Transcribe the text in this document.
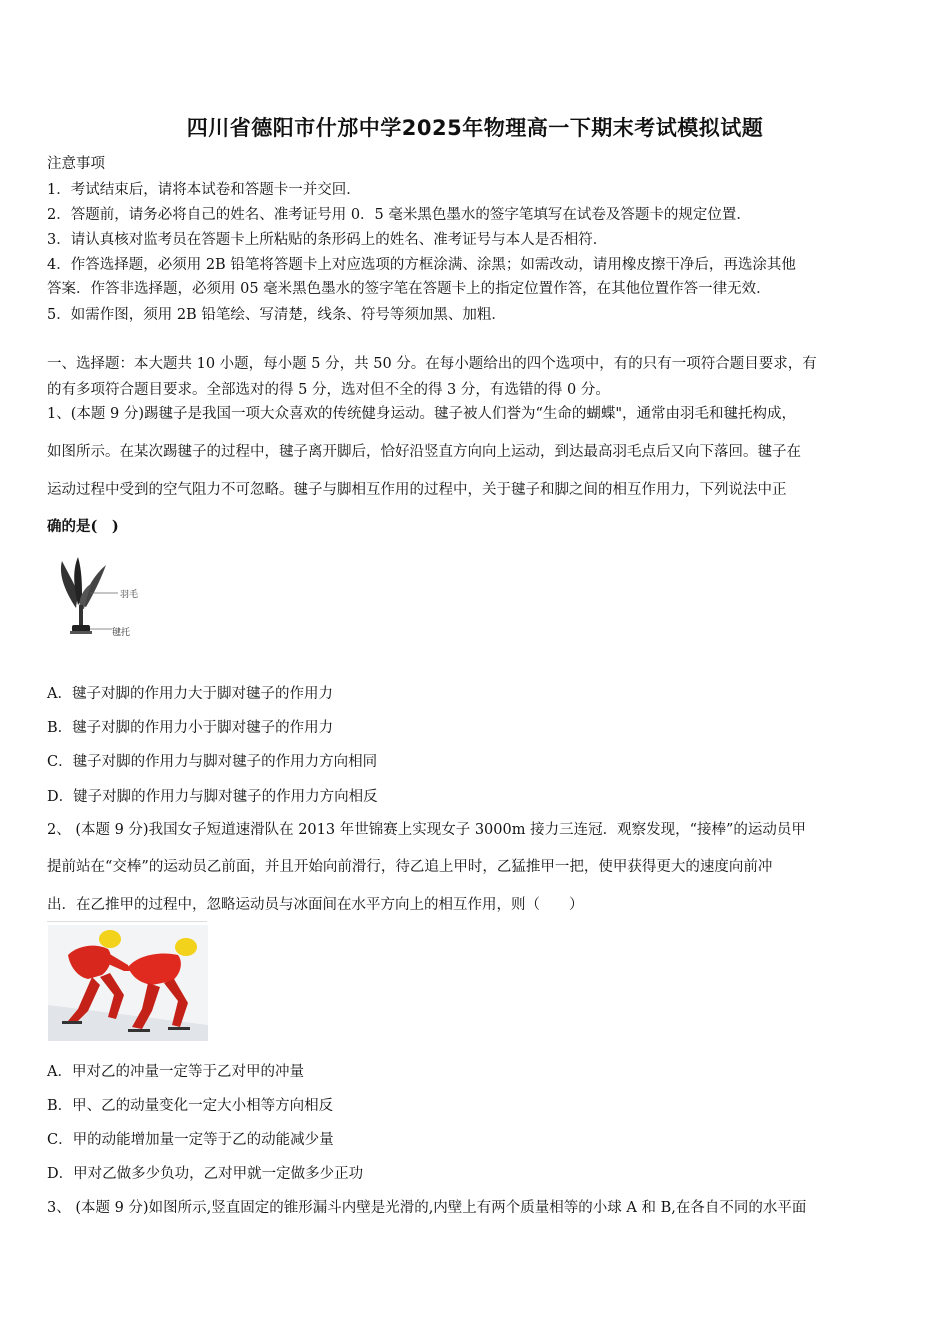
四川省德阳市什邡中学2025年物理高一下期末考试模拟试题
注意事项
1．考试结束后，请将本试卷和答题卡一并交回．
2．答题前，请务必将自己的姓名、准考证号用 0．5 毫米黑色墨水的签字笔填写在试卷及答题卡的规定位置．
3．请认真核对监考员在答题卡上所粘贴的条形码上的姓名、准考证号与本人是否相符．
4．作答选择题，必须用 2B 铅笔将答题卡上对应选项的方框涂满、涂黑；如需改动，请用橡皮擦干净后，再选涂其他
答案．作答非选择题，必须用 05 毫米黑色墨水的签字笔在答题卡上的指定位置作答，在其他位置作答一律无效．
5．如需作图，须用 2B 铅笔绘、写清楚，线条、符号等须加黑、加粗．
一、选择题：本大题共 10 小题，每小题 5 分，共 50 分。在每小题给出的四个选项中，有的只有一项符合题目要求，有
的有多项符合题目要求。全部选对的得 5 分，选对但不全的得 3 分，有选错的得 0 分。
1、(本题 9 分)踢毽子是我国一项大众喜欢的传统健身运动。毽子被人们誉为“生命的蝴蝶"，通常由羽毛和毽托构成，
如图所示。在某次踢毽子的过程中，毽子离开脚后，恰好沿竖直方向向上运动，到达最高羽毛点后又向下落回。毽子在
运动过程中受到的空气阻力不可忽略。毽子与脚相互作用的过程中，关于毽子和脚之间的相互作用力，下列说法中正
确的是(　)
羽毛
毽托
A．毽子对脚的作用力大于脚对毽子的作用力
B．毽子对脚的作用力小于脚对毽子的作用力
C．毽子对脚的作用力与脚对毽子的作用力方向相同
D．键子对脚的作用力与脚对毽子的作用力方向相反
2、 (本题 9 分)我国女子短道速滑队在 2013 年世锦赛上实现女子 3000m 接力三连冠．观察发现，“接棒”的运动员甲
提前站在“交棒”的运动员乙前面，并且开始向前滑行，待乙追上甲时，乙猛推甲一把，使甲获得更大的速度向前冲
出．在乙推甲的过程中，忽略运动员与冰面间在水平方向上的相互作用，则（　　）
A．甲对乙的冲量一定等于乙对甲的冲量
B．甲、乙的动量变化一定大小相等方向相反
C．甲的动能增加量一定等于乙的动能减少量
D．甲对乙做多少负功，乙对甲就一定做多少正功
3、 (本题 9 分)如图所示,竖直固定的锥形漏斗内壁是光滑的,内壁上有两个质量相等的小球 A 和 B,在各自不同的水平面
